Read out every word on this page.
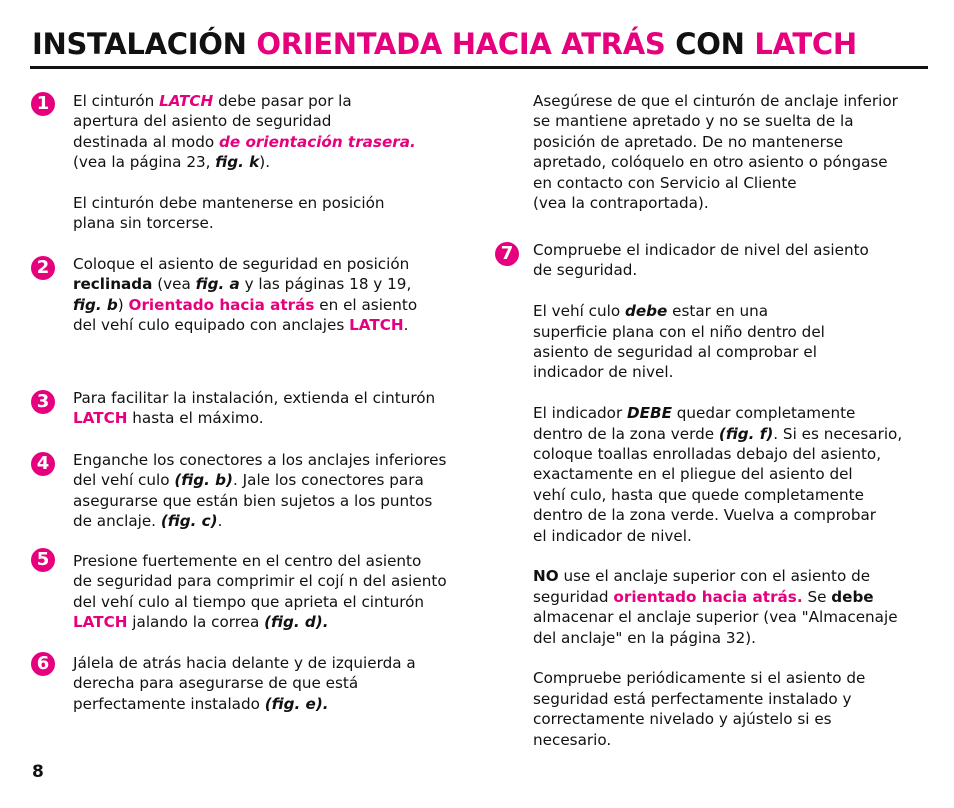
INSTALACIÓN ORIENTADA HACIA ATRÁS CON LATCH
1
2
3
4
5
6
7

El cinturón LATCH debe pasar por la
apertura del asiento de seguridad
destinada al modo de orientación trasera.
(vea la página 23, fig. k).

El cinturón debe mantenerse en posición
plana sin torcerse.

Coloque el asiento de seguridad en posición
reclinada (vea fig. a y las páginas 18 y 19,
fig. b) Orientado hacia atrás en el asiento
del vehí culo equipado con anclajes LATCH.

Para facilitar la instalación, extienda el cinturón
LATCH hasta el máximo.

Enganche los conectores a los anclajes inferiores
del vehí culo (fig. b). Jale los conectores para
asegurarse que están bien sujetos a los puntos
de anclaje. (fig. c).

Presione fuertemente en el centro del asiento
de seguridad para comprimir el cojí n del asiento
del vehí culo al tiempo que aprieta el cinturón
LATCH jalando la correa (fig. d).

Jálela de atrás hacia delante y de izquierda a
derecha para asegurarse de que está
perfectamente instalado (fig. e).

Asegúrese de que el cinturón de anclaje inferior
se mantiene apretado y no se suelta de la
posición de apretado. De no mantenerse
apretado, colóquelo en otro asiento o póngase
en contacto con Servicio al Cliente
(vea la contraportada).

Compruebe el indicador de nivel del asiento
de seguridad.

El vehí culo debe estar en una
superficie plana con el niño dentro del
asiento de seguridad al comprobar el
indicador de nivel.

El indicador DEBE quedar completamente
dentro de la zona verde (fig. f). Si es necesario,
coloque toallas enrolladas debajo del asiento,
exactamente en el pliegue del asiento del
vehí culo, hasta que quede completamente
dentro de la zona verde. Vuelva a comprobar
el indicador de nivel.

NO use el anclaje superior con el asiento de
seguridad orientado hacia atrás. Se debe
almacenar el anclaje superior (vea "Almacenaje
del anclaje" en la página 32).

Compruebe periódicamente si el asiento de
seguridad está perfectamente instalado y
correctamente nivelado y ajústelo si es
necesario.

8
